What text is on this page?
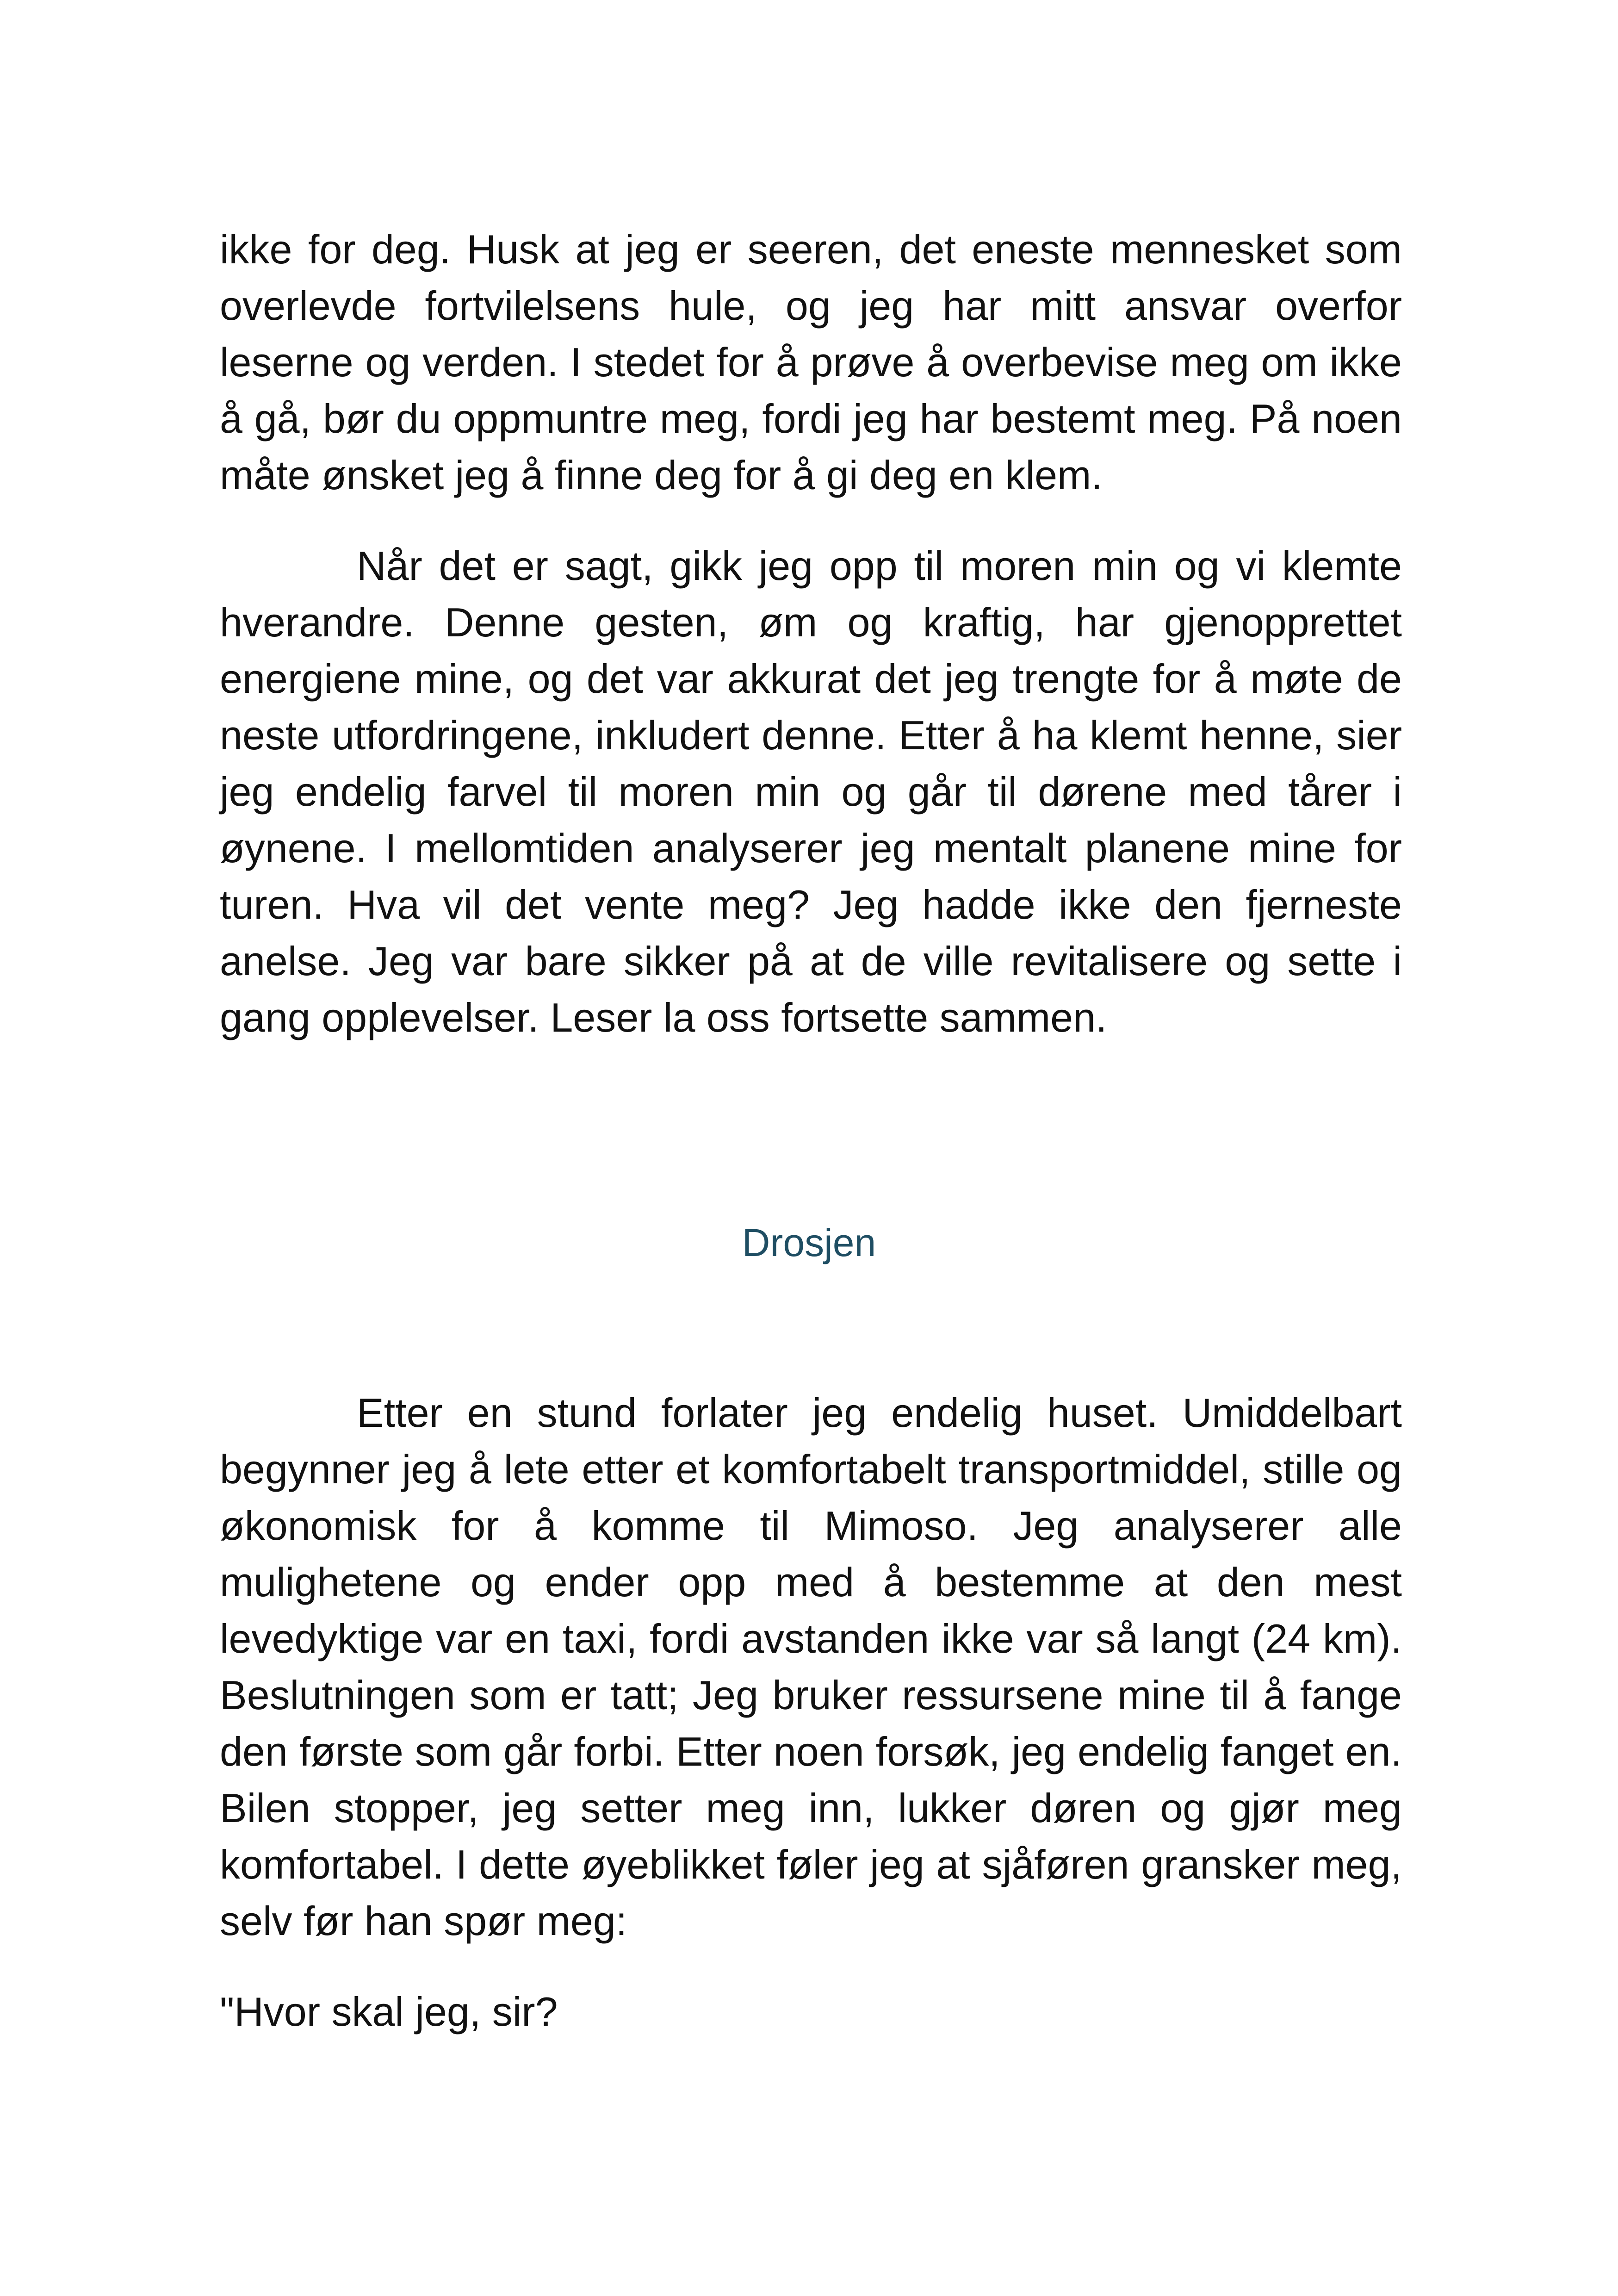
ikke for deg. Husk at jeg er seeren, det eneste mennesket som overlevde fortvilelsens hule, og jeg har mitt ansvar overfor leserne og verden. I stedet for å prøve å overbevise meg om ikke å gå, bør du oppmuntre meg, fordi jeg har bestemt meg. På noen måte ønsket jeg å finne deg for å gi deg en klem.

Når det er sagt, gikk jeg opp til moren min og vi klemte hverandre. Denne gesten, øm og kraftig, har gjenopprettet energiene mine, og det var akkurat det jeg trengte for å møte de neste utfordringene, inkludert denne. Etter å ha klemt henne, sier jeg endelig farvel til moren min og går til dørene med tårer i øynene. I mellomtiden analyserer jeg mentalt planene mine for turen. Hva vil det vente meg? Jeg hadde ikke den fjerneste anelse. Jeg var bare sikker på at de ville revitalisere og sette i gang opplevelser. Leser la oss fortsette sammen.

Drosjen

Etter en stund forlater jeg endelig huset. Umiddelbart begynner jeg å lete etter et komfortabelt transportmiddel, stille og økonomisk for å komme til Mimoso. Jeg analyserer alle mulighetene og ender opp med å bestemme at den mest levedyktige var en taxi, fordi avstanden ikke var så langt (24 km). Beslutningen som er tatt; Jeg bruker ressursene mine til å fange den første som går forbi. Etter noen forsøk, jeg endelig fanget en. Bilen stopper, jeg setter meg inn, lukker døren og gjør meg komfortabel. I dette øyeblikket føler jeg at sjåføren gransker meg, selv før han spør meg:

"Hvor skal jeg, sir?
